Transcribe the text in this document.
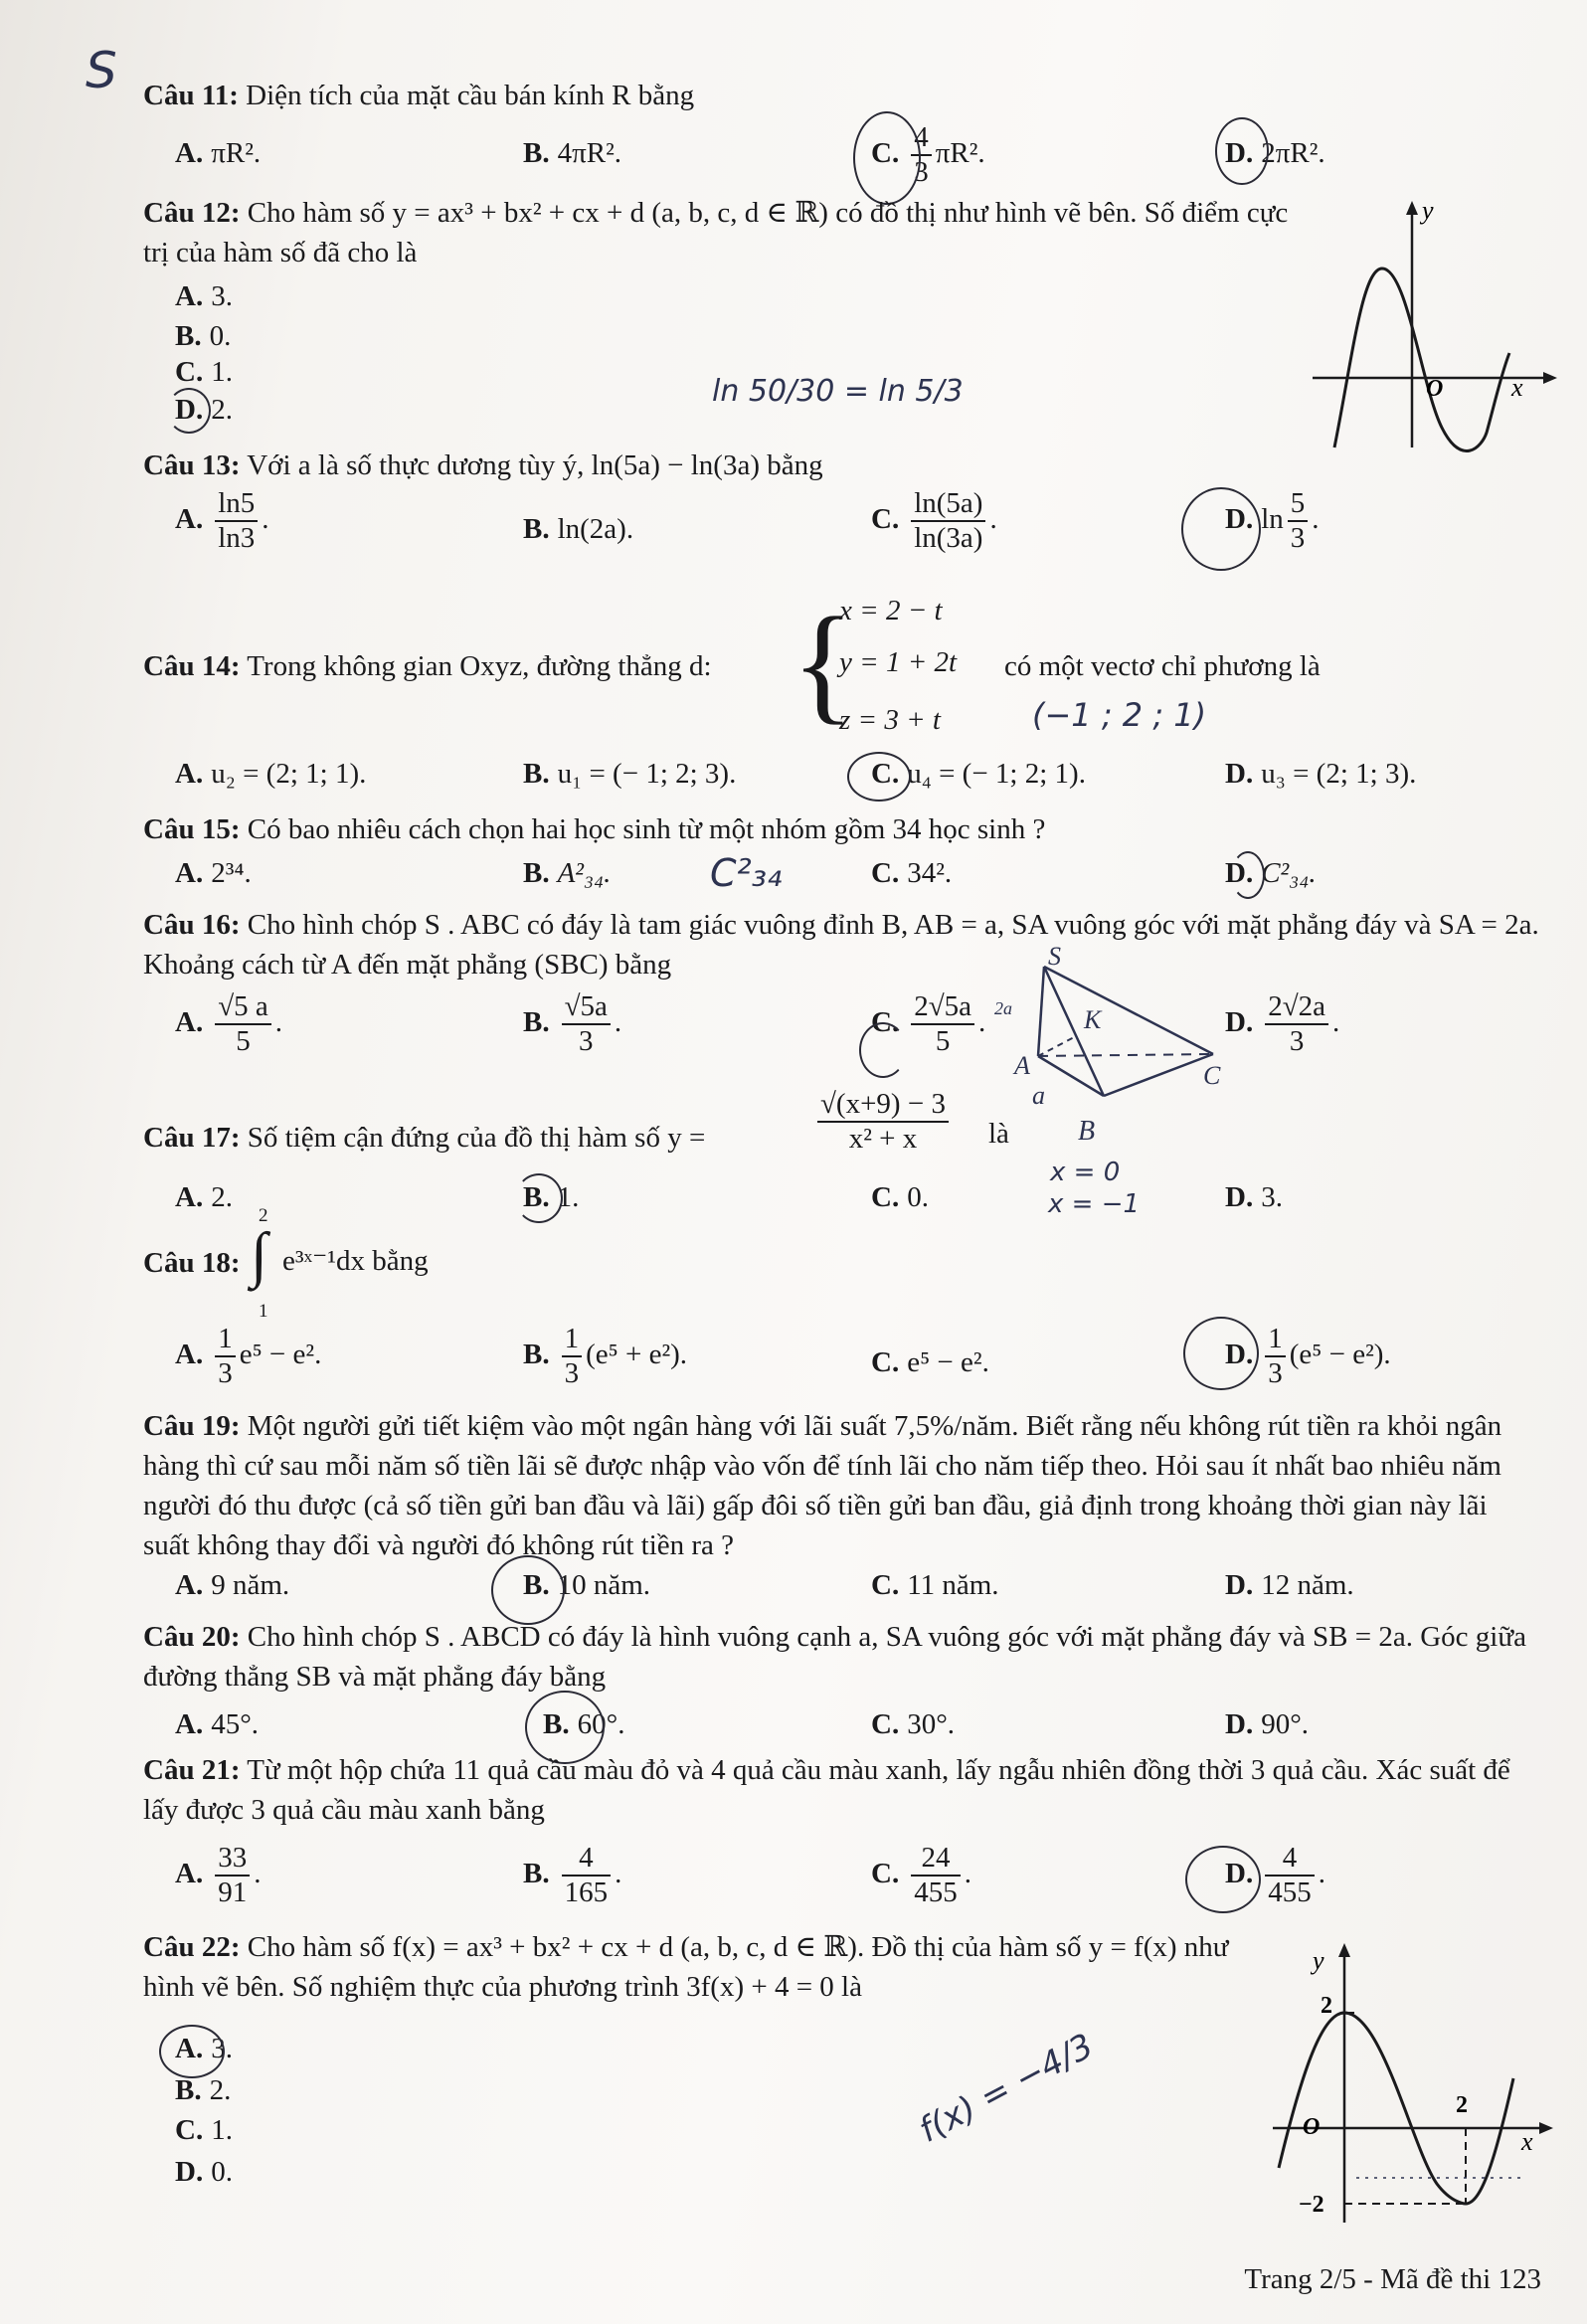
Câu 11: Diện tích của mặt cầu bán kính R bằng
A. πR².	B. 4πR².	C. $\frac{4}{3} \pi R^2$.	D. 2πR².
S
Câu 12: Cho hàm số y = ax³ + bx² + cx + d (a, b, c, d ∈ ℝ) có đồ thị như hình vẽ bên. Số điểm cực trị của hàm số đã cho là
A. 3.
B. 0.
C. 1.
D. 2.
y
x
O
Câu 13: Với a là số thực dương tùy ý, ln(5a) − ln(3a) bằng
A. $\frac{\ln 5}{\ln 3}$ .	B. ln(2a).	C. $\frac{\ln(5a)}{\ln(3a)}$ .	D. $\ln \frac{5}{3}$ .
ln 50/30 = ln 5/3
Câu 14: Trong không gian Oxyz, đường thẳng d: {
x = 2 − t
y = 1 + 2t
z = 3 + t
có một vectơ chỉ phương là
A. u₂ = (2; 1; 1).	B. u₁ = (− 1; 2; 3).	C. u₄ = (− 1; 2; 1).	D. u₃ = (2; 1; 3).
(−1 ; 2 ; 1)
Câu 15: Có bao nhiêu cách chọn hai học sinh từ một nhóm gồm 34 học sinh ?
A. 2³⁴.	B. A²₃₄.	C. 34².	D. C²₃₄.
C²₃₄
Câu 16: Cho hình chóp S . ABC có đáy là tam giác vuông đỉnh B, AB = a, SA vuông góc với mặt phẳng đáy và SA = 2a. Khoảng cách từ A đến mặt phẳng (SBC) bằng
A. $\frac{√5 a}{5}$ .	B. $\frac{√5a}{3}$ .	C. $\frac{2√5a}{5}$ .	D. $\frac{2√2a}{3}$ .
S
K
C
A
B
a
2a
Câu 17: Số tiệm cận đứng của đồ thị hàm số y =	$\frac{√(x+9) - 3}{\text{x² + x}}$ là
A. 2.	B. 1.	C. 0.	D. 3.
x = 0
x = −1
Câu 18:
2
∫
1
e³ˣ⁻¹dx bằng
A. $\frac{1}{3} e^5 - e^2$.	B. $\frac{1}{3} (e^5 + e^2)$.	C. e⁵ − e².	D. $\frac{1}{3} (e^5 - e^2)$.
Câu 19: Một người gửi tiết kiệm vào một ngân hàng với lãi suất 7,5%/năm. Biết rằng nếu không rút tiền ra khỏi ngân hàng thì cứ sau mỗi năm số tiền lãi sẽ được nhập vào vốn để tính lãi cho năm tiếp theo. Hỏi sau ít nhất bao nhiêu năm người đó thu được (cả số tiền gửi ban đầu và lãi) gấp đôi số tiền gửi ban đầu, giả định trong khoảng thời gian này lãi suất không thay đổi và người đó không rút tiền ra ?
A. 9 năm.	B. 10 năm.	C. 11 năm.	D. 12 năm.
Câu 20: Cho hình chóp S . ABCD có đáy là hình vuông cạnh a, SA vuông góc với mặt phẳng đáy và SB = 2a. Góc giữa đường thẳng SB và mặt phẳng đáy bằng
A. 45°.	B. 60°.	C. 30°.	D. 90°.
Câu 21: Từ một hộp chứa 11 quả cầu màu đỏ và 4 quả cầu màu xanh, lấy ngẫu nhiên đồng thời 3 quả cầu. Xác suất để lấy được 3 quả cầu màu xanh bằng
A. $\frac{33}{91}$ .	B. $\frac{4}{165}$ .	C. $\frac{24}{455}$ .	D. $\frac{4}{455}$ .
Câu 22: Cho hàm số f(x) = ax³ + bx² + cx + d (a, b, c, d ∈ ℝ). Đồ thị của hàm số y = f(x) như hình vẽ bên. Số nghiệm thực của phương trình 3f(x) + 4 = 0 là
A. 3.
B. 2.
C. 1.
D. 0.
f(x) = −4/3
y
x
O
2
2
−2
Trang 2/5 - Mã đề thi 123
